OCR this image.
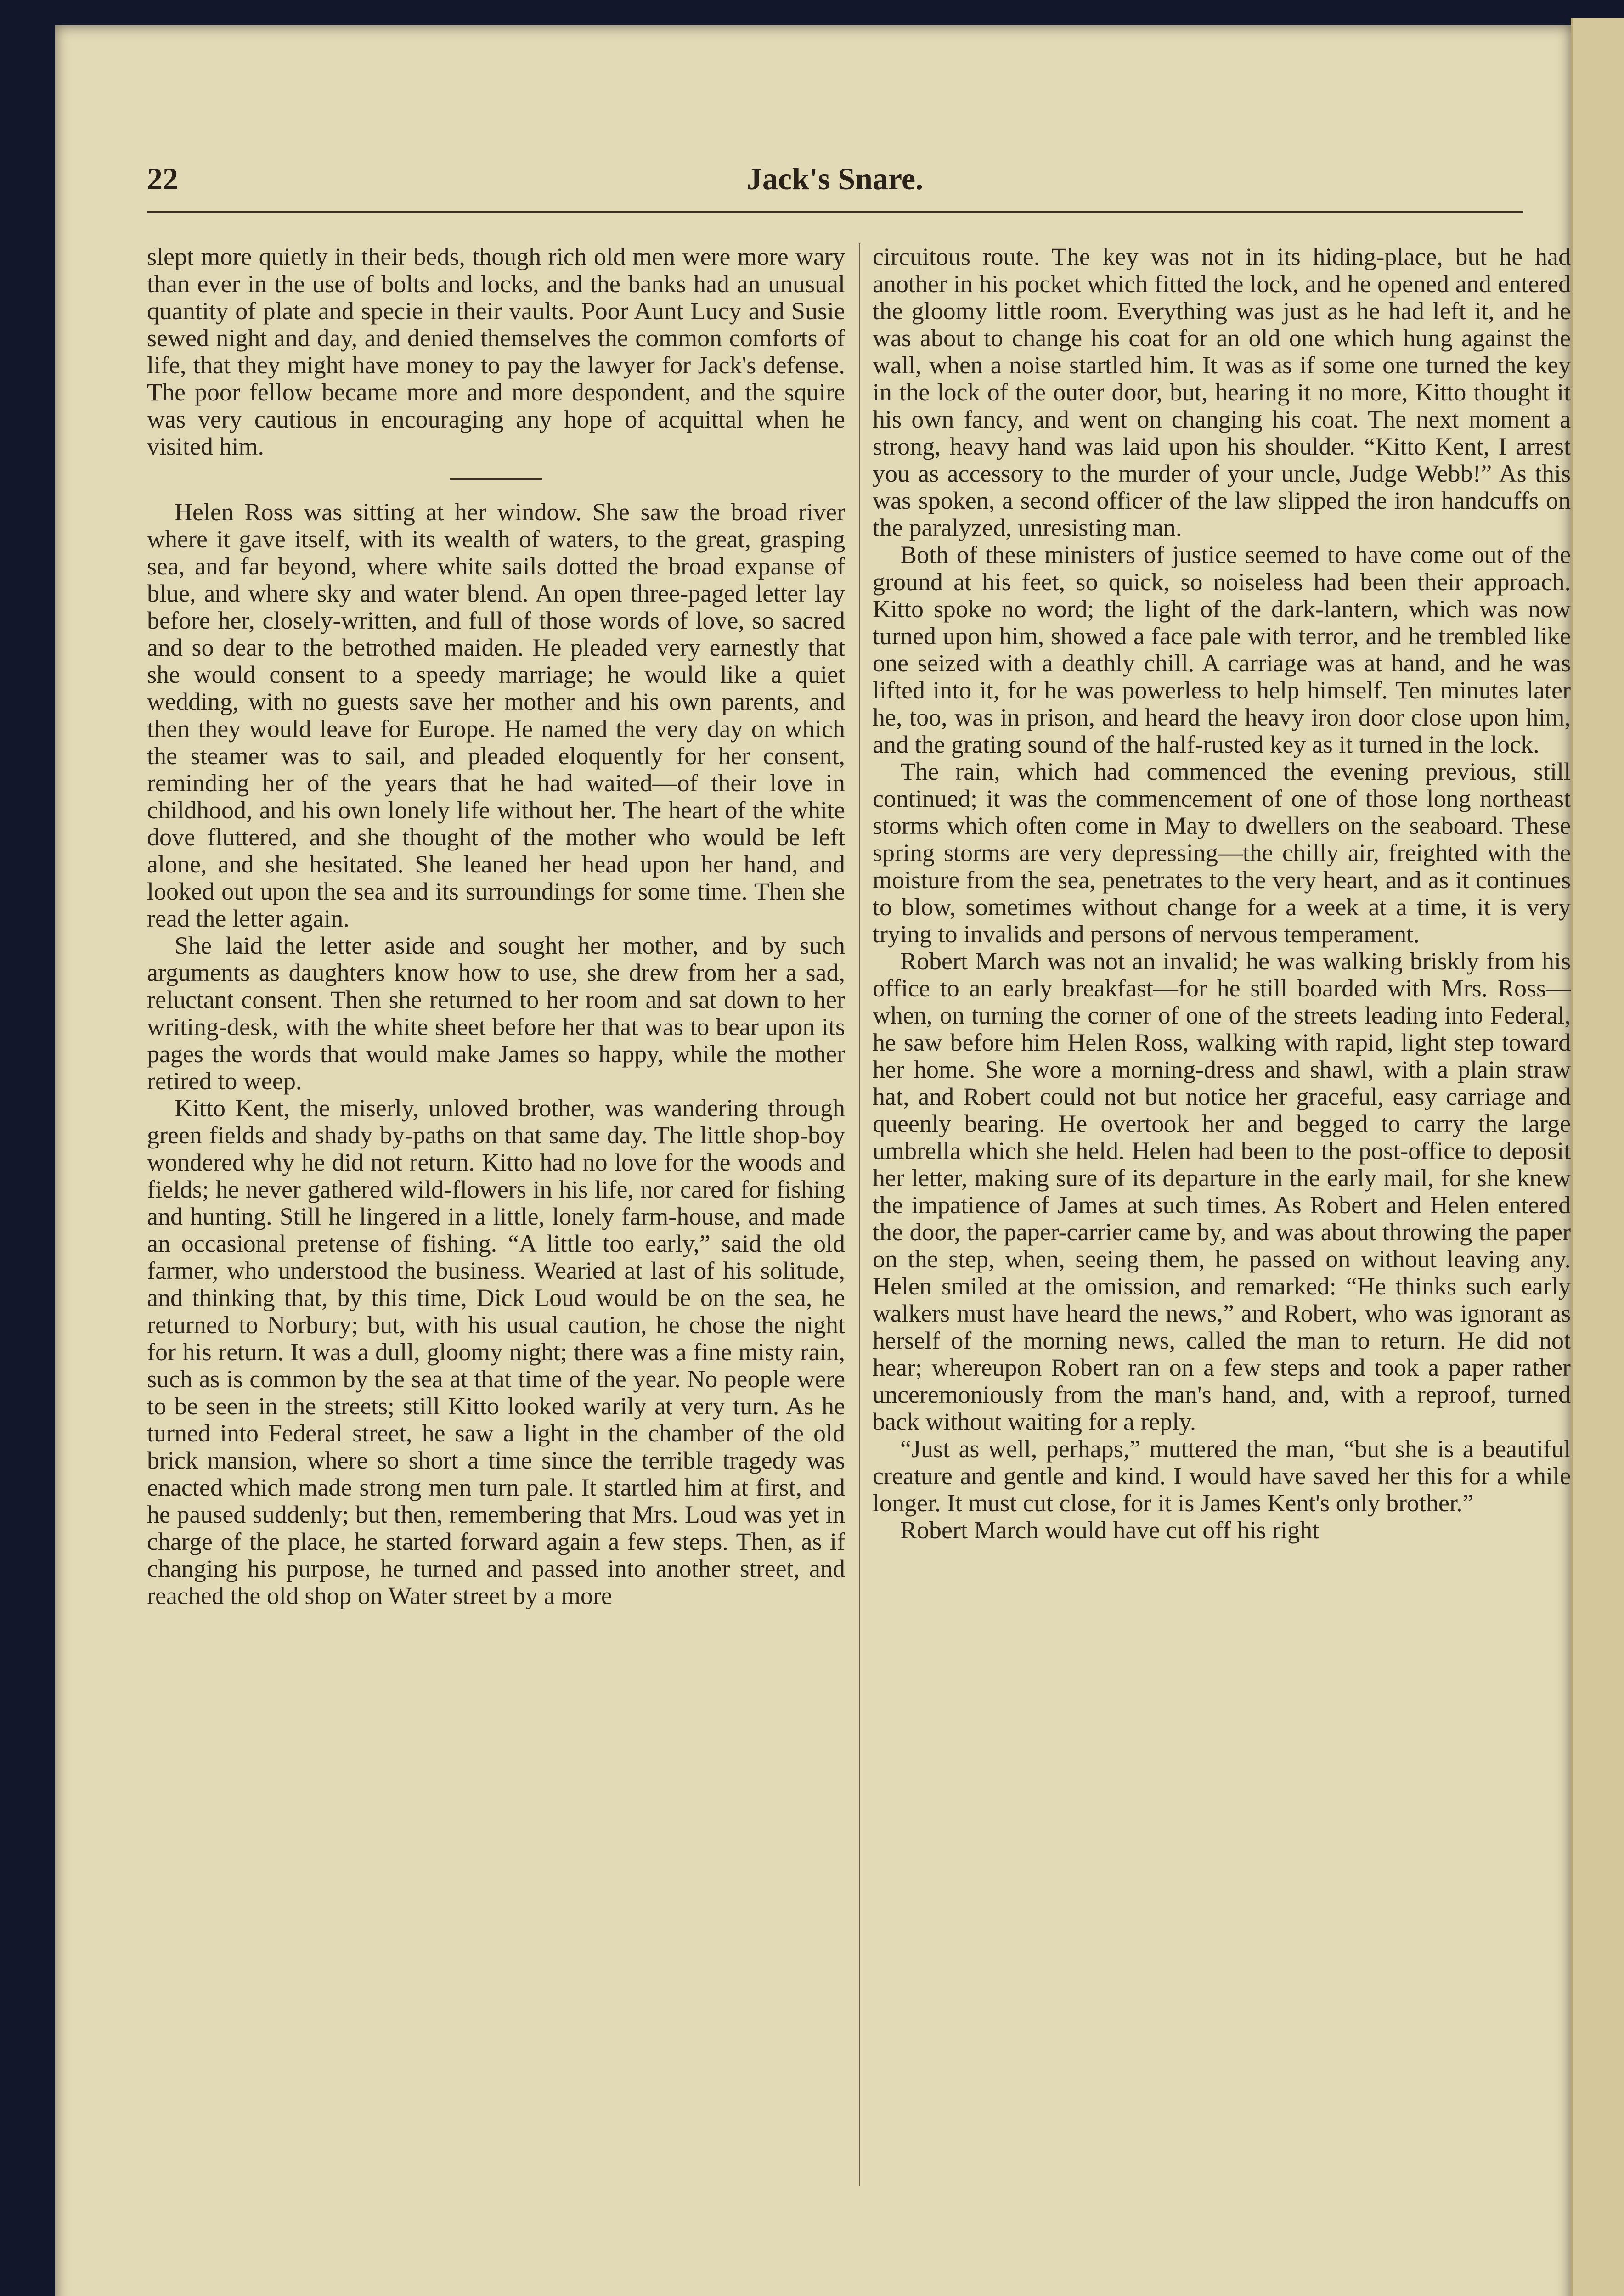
22	Jack's Snare.

slept more quietly in their beds, though rich old men were more wary than ever in the use of bolts and locks, and the banks had an unusual quantity of plate and specie in their vaults. Poor Aunt Lucy and Susie sewed night and day, and denied themselves the common comforts of life, that they might have money to pay the lawyer for Jack's defense. The poor fellow became more and more despondent, and the squire was very cautious in encouraging any hope of acquittal when he visited him.

Helen Ross was sitting at her window. She saw the broad river where it gave itself, with its wealth of waters, to the great, grasping sea, and far beyond, where white sails dotted the broad expanse of blue, and where sky and water blend. An open three-paged letter lay before her, closely-written, and full of those words of love, so sacred and so dear to the betrothed maiden. He pleaded very earnestly that she would consent to a speedy marriage; he would like a quiet wedding, with no guests save her mother and his own parents, and then they would leave for Europe. He named the very day on which the steamer was to sail, and pleaded eloquently for her consent, reminding her of the years that he had waited—of their love in childhood, and his own lonely life without her. The heart of the white dove fluttered, and she thought of the mother who would be left alone, and she hesitated. She leaned her head upon her hand, and looked out upon the sea and its surroundings for some time. Then she read the letter again.

She laid the letter aside and sought her mother, and by such arguments as daughters know how to use, she drew from her a sad, reluctant consent. Then she returned to her room and sat down to her writing-desk, with the white sheet before her that was to bear upon its pages the words that would make James so happy, while the mother retired to weep.

Kitto Kent, the miserly, unloved brother, was wandering through green fields and shady by-paths on that same day. The little shop-boy wondered why he did not return. Kitto had no love for the woods and fields; he never gathered wild-flowers in his life, nor cared for fishing and hunting. Still he lingered in a little, lonely farm-house, and made an occasional pretense of fishing. “A little too early,” said the old farmer, who understood the business. Wearied at last of his solitude, and thinking that, by this time, Dick Loud would be on the sea, he returned to Norbury; but, with his usual caution, he chose the night for his return. It was a dull, gloomy night; there was a fine misty rain, such as is common by the sea at that time of the year. No people were to be seen in the streets; still Kitto looked warily at very turn. As he turned into Federal street, he saw a light in the chamber of the old brick mansion, where so short a time since the terrible tragedy was enacted which made strong men turn pale. It startled him at first, and he paused suddenly; but then, remembering that Mrs. Loud was yet in charge of the place, he started forward again a few steps. Then, as if changing his purpose, he turned and passed into another street, and reached the old shop on Water street by a more

circuitous route. The key was not in its hiding-place, but he had another in his pocket which fitted the lock, and he opened and entered the gloomy little room. Everything was just as he had left it, and he was about to change his coat for an old one which hung against the wall, when a noise startled him. It was as if some one turned the key in the lock of the outer door, but, hearing it no more, Kitto thought it his own fancy, and went on changing his coat. The next moment a strong, heavy hand was laid upon his shoulder. “Kitto Kent, I arrest you as accessory to the murder of your uncle, Judge Webb!” As this was spoken, a second officer of the law slipped the iron handcuffs on the paralyzed, unresisting man.

Both of these ministers of justice seemed to have come out of the ground at his feet, so quick, so noiseless had been their approach. Kitto spoke no word; the light of the dark-lantern, which was now turned upon him, showed a face pale with terror, and he trembled like one seized with a deathly chill. A carriage was at hand, and he was lifted into it, for he was powerless to help himself. Ten minutes later he, too, was in prison, and heard the heavy iron door close upon him, and the grating sound of the half-rusted key as it turned in the lock.

The rain, which had commenced the evening previous, still continued; it was the commencement of one of those long northeast storms which often come in May to dwellers on the seaboard. These spring storms are very depressing—the chilly air, freighted with the moisture from the sea, penetrates to the very heart, and as it continues to blow, sometimes without change for a week at a time, it is very trying to invalids and persons of nervous temperament.

Robert March was not an invalid; he was walking briskly from his office to an early breakfast—for he still boarded with Mrs. Ross—when, on turning the corner of one of the streets leading into Federal, he saw before him Helen Ross, walking with rapid, light step toward her home. She wore a morning-dress and shawl, with a plain straw hat, and Robert could not but notice her graceful, easy carriage and queenly bearing. He overtook her and begged to carry the large umbrella which she held. Helen had been to the post-office to deposit her letter, making sure of its departure in the early mail, for she knew the impatience of James at such times. As Robert and Helen entered the door, the paper-carrier came by, and was about throwing the paper on the step, when, seeing them, he passed on without leaving any. Helen smiled at the omission, and remarked: “He thinks such early walkers must have heard the news,” and Robert, who was ignorant as herself of the morning news, called the man to return. He did not hear; whereupon Robert ran on a few steps and took a paper rather unceremoniously from the man's hand, and, with a reproof, turned back without waiting for a reply.

“Just as well, perhaps,” muttered the man, “but she is a beautiful creature and gentle and kind. I would have saved her this for a while longer. It must cut close, for it is James Kent's only brother.”

Robert March would have cut off his right
